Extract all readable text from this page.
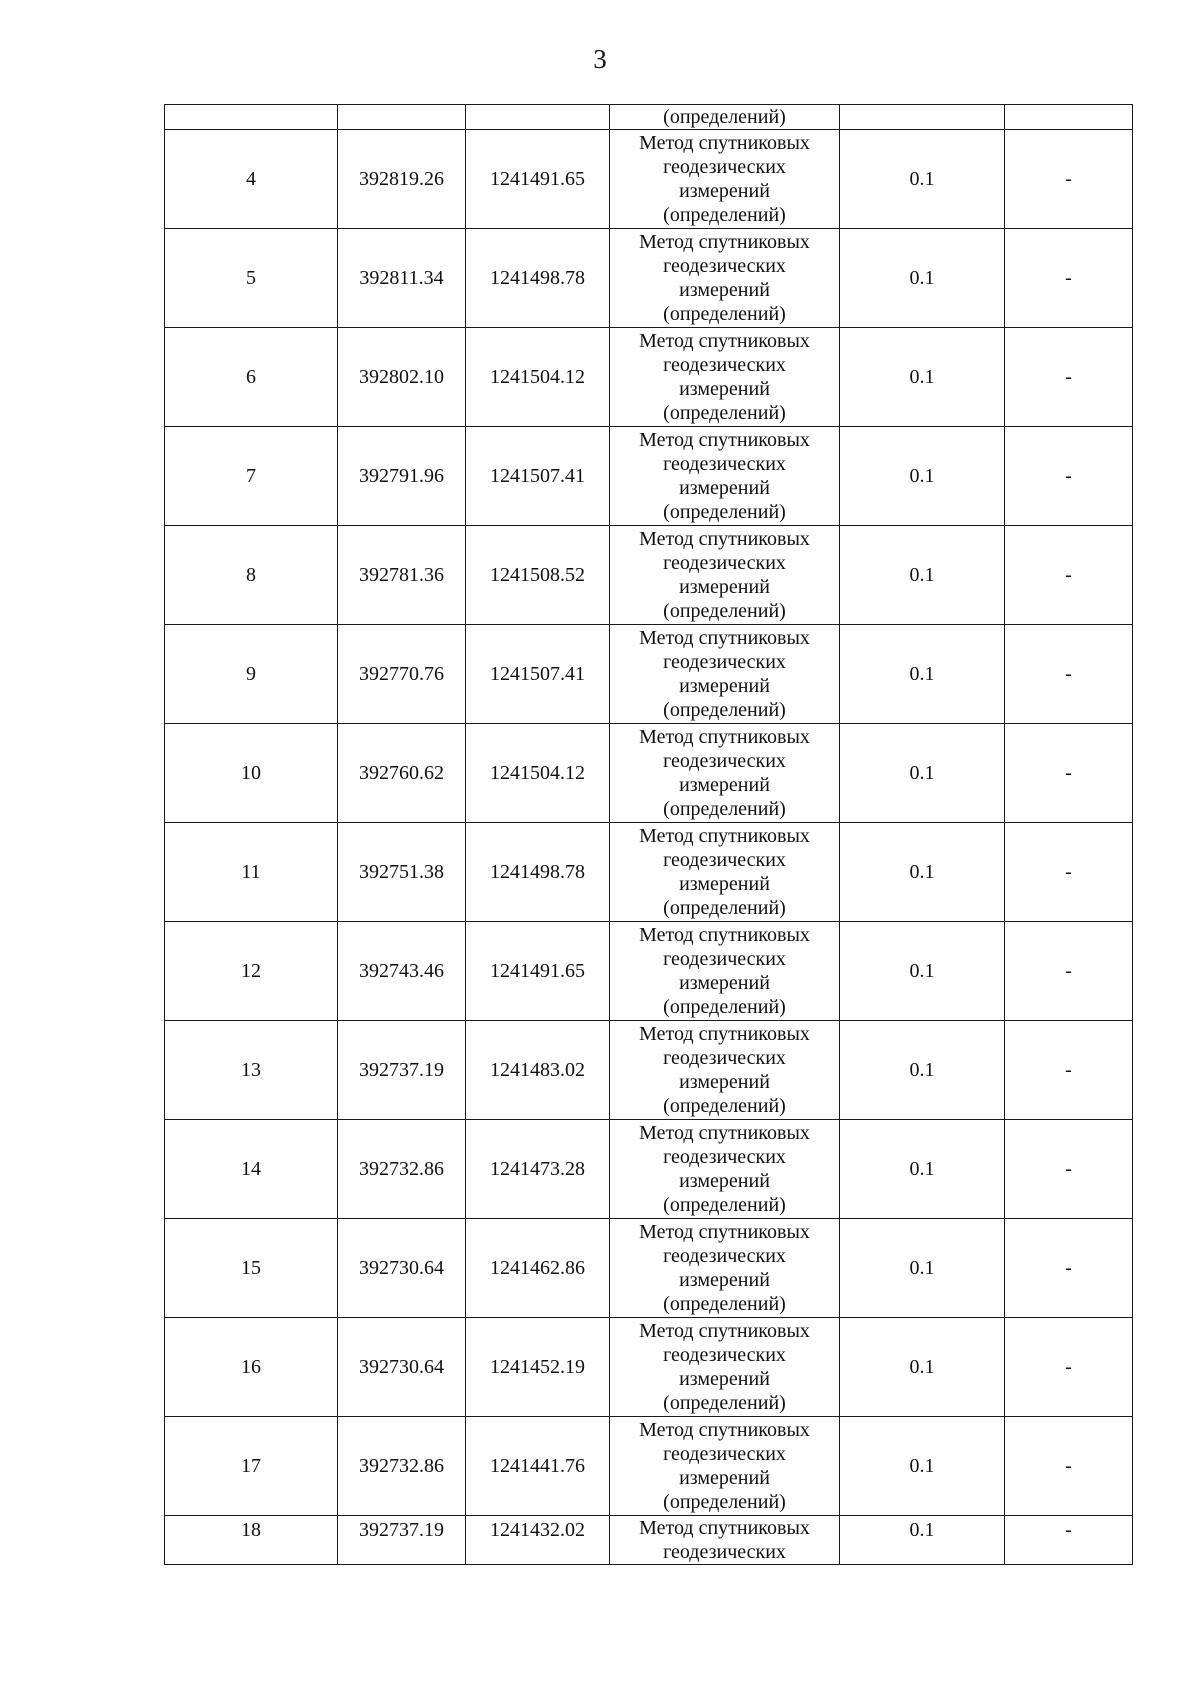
3
			(определений)		
4	392819.26	1241491.65	Метод спутниковых
геодезических
измерений
(определений)	0.1	-
5	392811.34	1241498.78	Метод спутниковых
геодезических
измерений
(определений)	0.1	-
6	392802.10	1241504.12	Метод спутниковых
геодезических
измерений
(определений)	0.1	-
7	392791.96	1241507.41	Метод спутниковых
геодезических
измерений
(определений)	0.1	-
8	392781.36	1241508.52	Метод спутниковых
геодезических
измерений
(определений)	0.1	-
9	392770.76	1241507.41	Метод спутниковых
геодезических
измерений
(определений)	0.1	-
10	392760.62	1241504.12	Метод спутниковых
геодезических
измерений
(определений)	0.1	-
11	392751.38	1241498.78	Метод спутниковых
геодезических
измерений
(определений)	0.1	-
12	392743.46	1241491.65	Метод спутниковых
геодезических
измерений
(определений)	0.1	-
13	392737.19	1241483.02	Метод спутниковых
геодезических
измерений
(определений)	0.1	-
14	392732.86	1241473.28	Метод спутниковых
геодезических
измерений
(определений)	0.1	-
15	392730.64	1241462.86	Метод спутниковых
геодезических
измерений
(определений)	0.1	-
16	392730.64	1241452.19	Метод спутниковых
геодезических
измерений
(определений)	0.1	-
17	392732.86	1241441.76	Метод спутниковых
геодезических
измерений
(определений)	0.1	-
18	392737.19	1241432.02	Метод спутниковых
геодезических	0.1	-
